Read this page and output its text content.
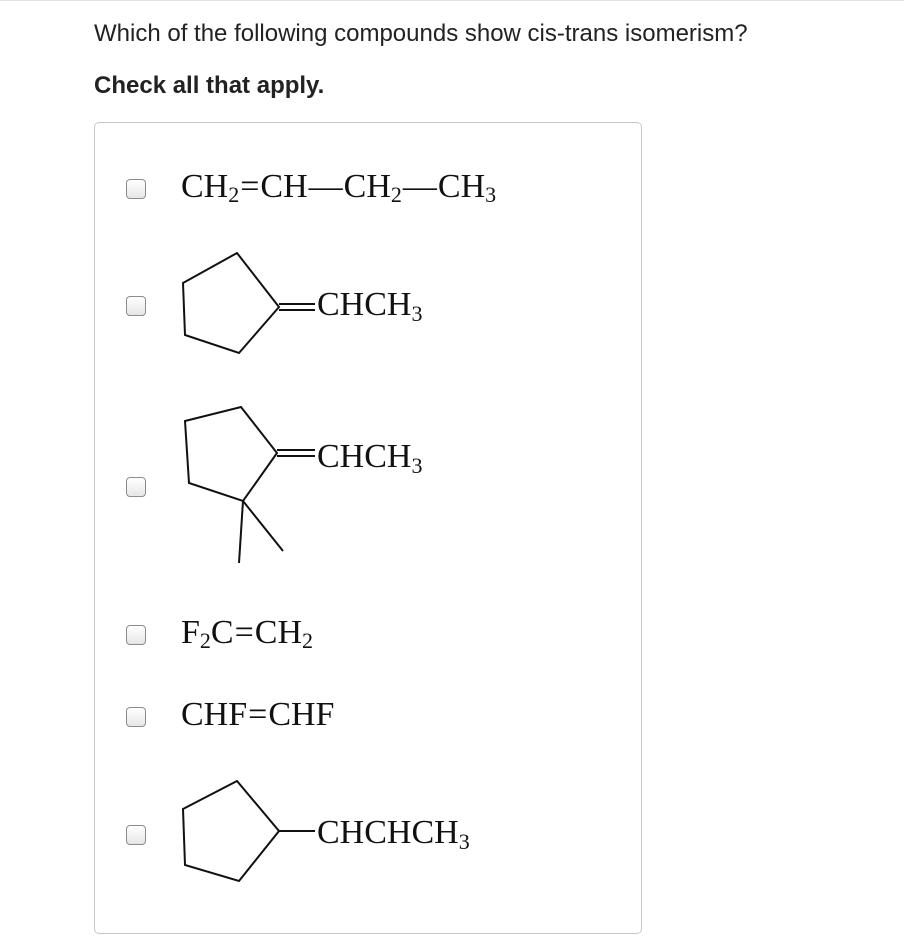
Which of the following compounds show cis-trans isomerism?
Check all that apply.
$CH_2=CH—CH_2—CH_3$
$CHCH_3$
$CHCH_3$
$F_2C=CH_2$
CHF=CHF
$CHCHCH_3$
